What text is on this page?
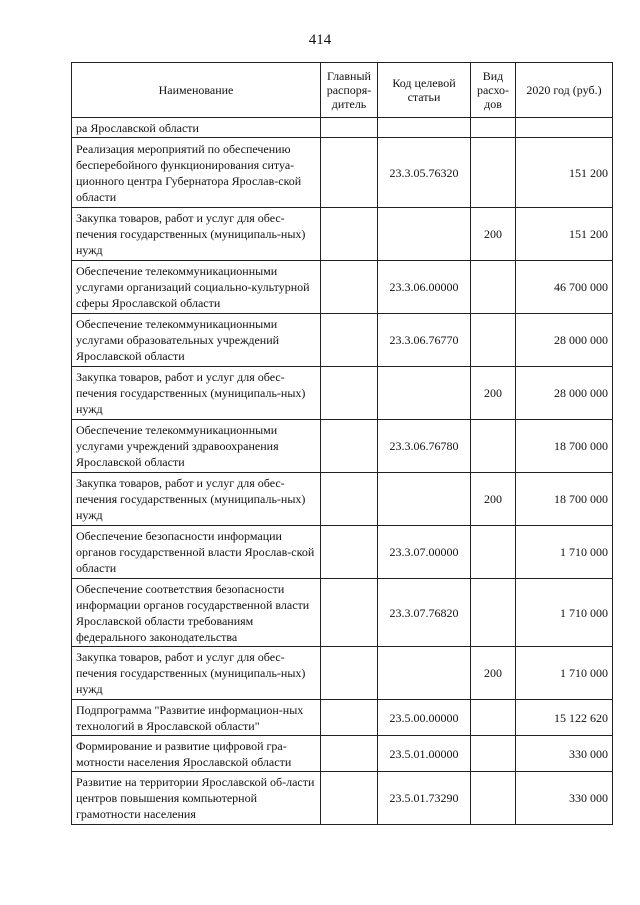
414
Наименование	Главный распоря-дитель	Код целевой статьи	Вид расхо-дов	2020 год (руб.)
ра Ярославской области				
Реализация мероприятий по обеспечению бесперебойного функционирования ситуа-ционного центра Губернатора Ярослав-ской области		23.3.05.76320		151 200
Закупка товаров, работ и услуг для обес-печения государственных (муниципаль-ных) нужд			200	151 200
Обеспечение телекоммуникационными услугами организаций социально-культурной сферы Ярославской области		23.3.06.00000		46 700 000
Обеспечение телекоммуникационными услугами образовательных учреждений Ярославской области		23.3.06.76770		28 000 000
Закупка товаров, работ и услуг для обес-печения государственных (муниципаль-ных) нужд			200	28 000 000
Обеспечение телекоммуникационными услугами учреждений здравоохранения Ярославской области		23.3.06.76780		18 700 000
Закупка товаров, работ и услуг для обес-печения государственных (муниципаль-ных) нужд			200	18 700 000
Обеспечение безопасности информации органов государственной власти Ярослав-ской области		23.3.07.00000		1 710 000
Обеспечение соответствия безопасности информации органов государственной власти Ярославской области требованиям федерального законодательства		23.3.07.76820		1 710 000
Закупка товаров, работ и услуг для обес-печения государственных (муниципаль-ных) нужд			200	1 710 000
Подпрограмма "Развитие информацион-ных технологий в Ярославской области"		23.5.00.00000		15 122 620
Формирование и развитие цифровой гра-мотности населения Ярославской области		23.5.01.00000		330 000
Развитие на территории Ярославской об-ласти центров повышения компьютерной грамотности населения		23.5.01.73290		330 000
